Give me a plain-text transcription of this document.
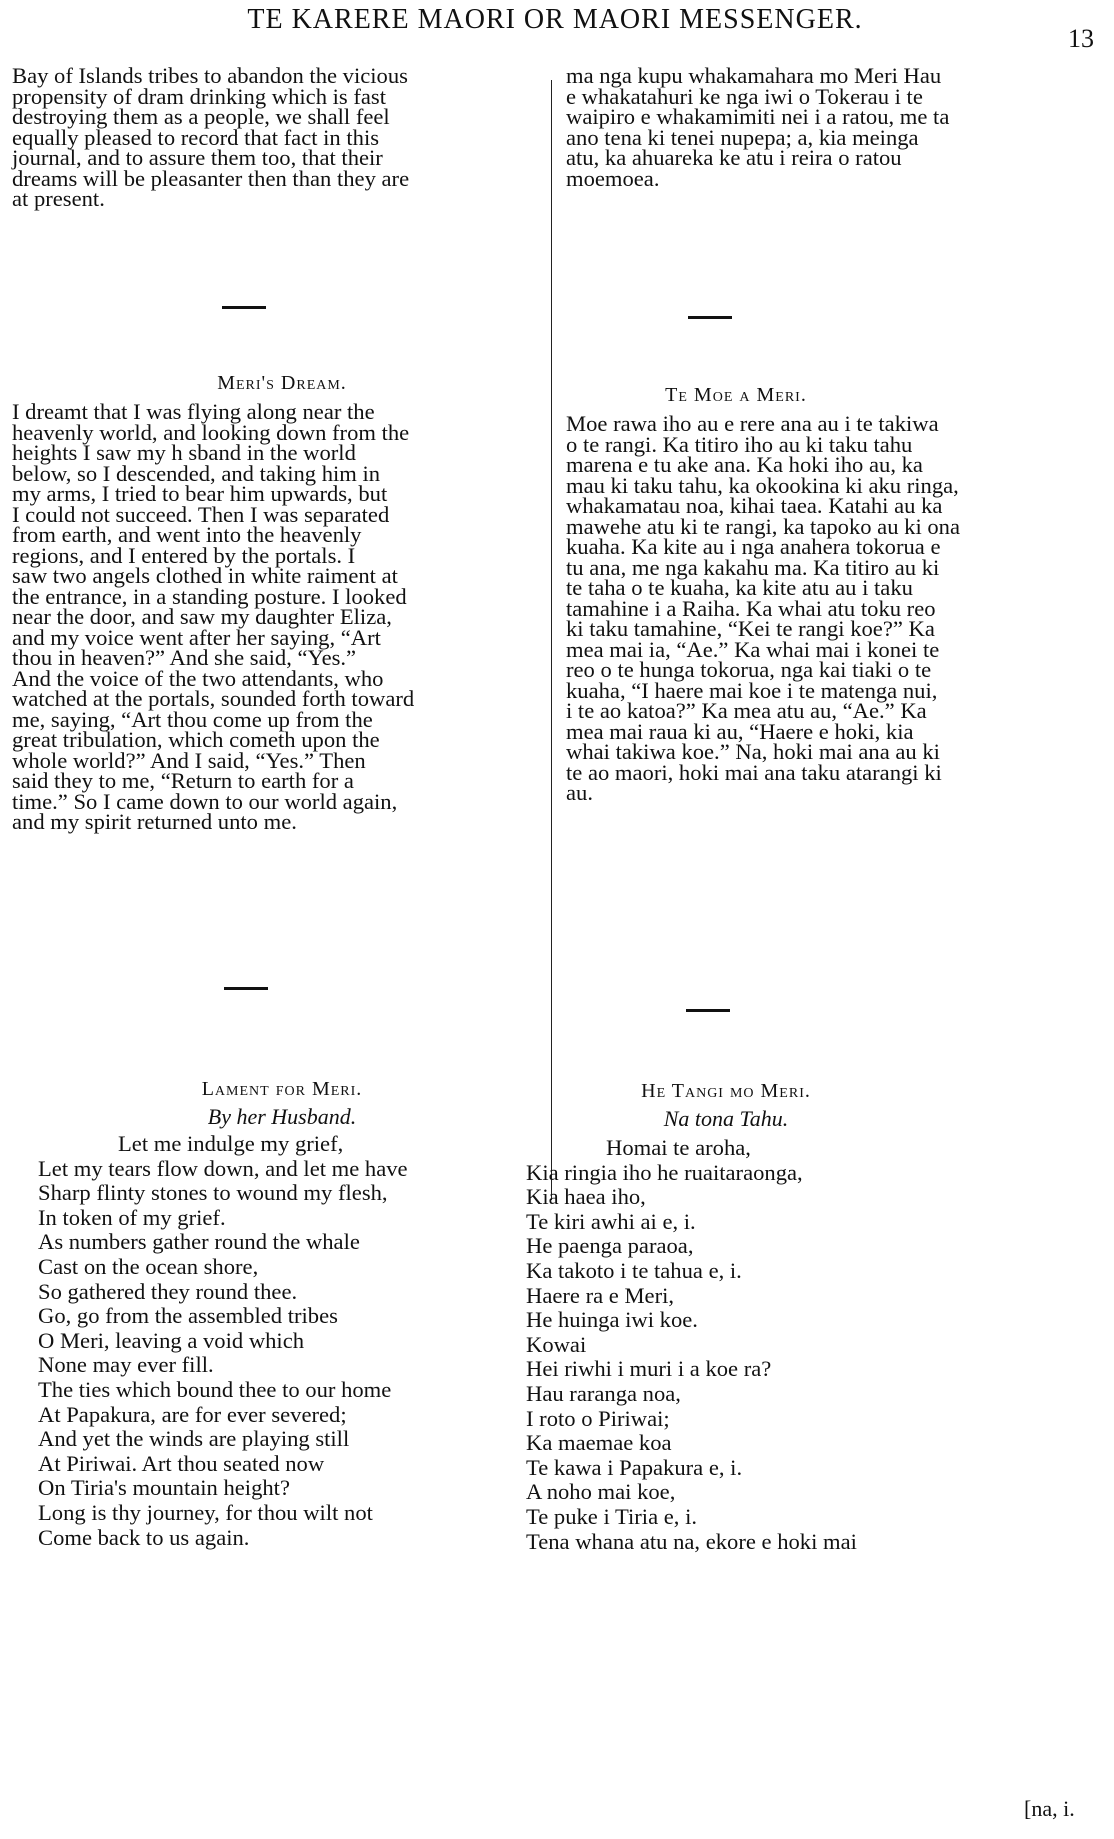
TE KARERE MAORI OR MAORI MESSENGER.
13

Bay of Islands tribes to abandon the vicious
propensity of dram drinking which is fast
destroying them as a people, we shall feel
equally pleased to record that fact in this
journal, and to assure them too, that their
dreams will be pleasanter then than they are
at present.

Meri's Dream.

I dreamt that I was flying along near the
heavenly world, and looking down from the
heights I saw my h sband in the world
below, so I descended, and taking him in
my arms, I tried to bear him upwards, but
I could not succeed. Then I was separated
from earth, and went into the heavenly
regions, and I entered by the portals. I
saw two angels clothed in white raiment at
the entrance, in a standing posture. I looked
near the door, and saw my daughter Eliza,
and my voice went after her saying, “Art
thou in heaven?” And she said, “Yes.”
And the voice of the two attendants, who
watched at the portals, sounded forth toward
me, saying, “Art thou come up from the
great tribulation, which cometh upon the
whole world?” And I said, “Yes.” Then
said they to me, “Return to earth for a
time.” So I came down to our world again,
and my spirit returned unto me.

Lament for Meri.
By her Husband.
Let me indulge my grief,
Let my tears flow down, and let me have
Sharp flinty stones to wound my flesh,
In token of my grief.
As numbers gather round the whale
Cast on the ocean shore,
So gathered they round thee.
Go, go from the assembled tribes
O Meri, leaving a void which
None may ever fill.
The ties which bound thee to our home
At Papakura, are for ever severed;
And yet the winds are playing still
At Piriwai. Art thou seated now
On Tiria's mountain height?
Long is thy journey, for thou wilt not
Come back to us again.

ma nga kupu whakamahara mo Meri Hau
e whakatahuri ke nga iwi o Tokerau i te
waipiro e whakamimiti nei i a ratou, me ta
ano tena ki tenei nupepa; a, kia meinga
atu, ka ahuareka ke atu i reira o ratou
moemoea.

Te Moe a Meri.

Moe rawa iho au e rere ana au i te takiwa
o te rangi. Ka titiro iho au ki taku tahu
marena e tu ake ana. Ka hoki iho au, ka
mau ki taku tahu, ka okookina ki aku ringa,
whakamatau noa, kihai taea. Katahi au ka
mawehe atu ki te rangi, ka tapoko au ki ona
kuaha. Ka kite au i nga anahera tokorua e
tu ana, me nga kakahu ma. Ka titiro au ki
te taha o te kuaha, ka kite atu au i taku
tamahine i a Raiha. Ka whai atu toku reo
ki taku tamahine, “Kei te rangi koe?” Ka
mea mai ia, “Ae.” Ka whai mai i konei te
reo o te hunga tokorua, nga kai tiaki o te
kuaha, “I haere mai koe i te matenga nui,
i te ao katoa?” Ka mea atu au, “Ae.” Ka
mea mai raua ki au, “Haere e hoki, kia
whai takiwa koe.” Na, hoki mai ana au ki
te ao maori, hoki mai ana taku atarangi ki
au.

He Tangi mo Meri.
Na tona Tahu.
Homai te aroha,
Kia ringia iho he ruaitaraonga,
Kia haea iho,
Te kiri awhi ai e, i.
He paenga paraoa,
Ka takoto i te tahua e, i.
Haere ra e Meri,
He huinga iwi koe.
Kowai
Hei riwhi i muri i a koe ra?
Hau raranga noa,
I roto o Piriwai;
Ka maemae koa
Te kawa i Papakura e, i.
A noho mai koe,
Te puke i Tiria e, i.
Tena whana atu na, ekore e hoki mai
[na, i.
